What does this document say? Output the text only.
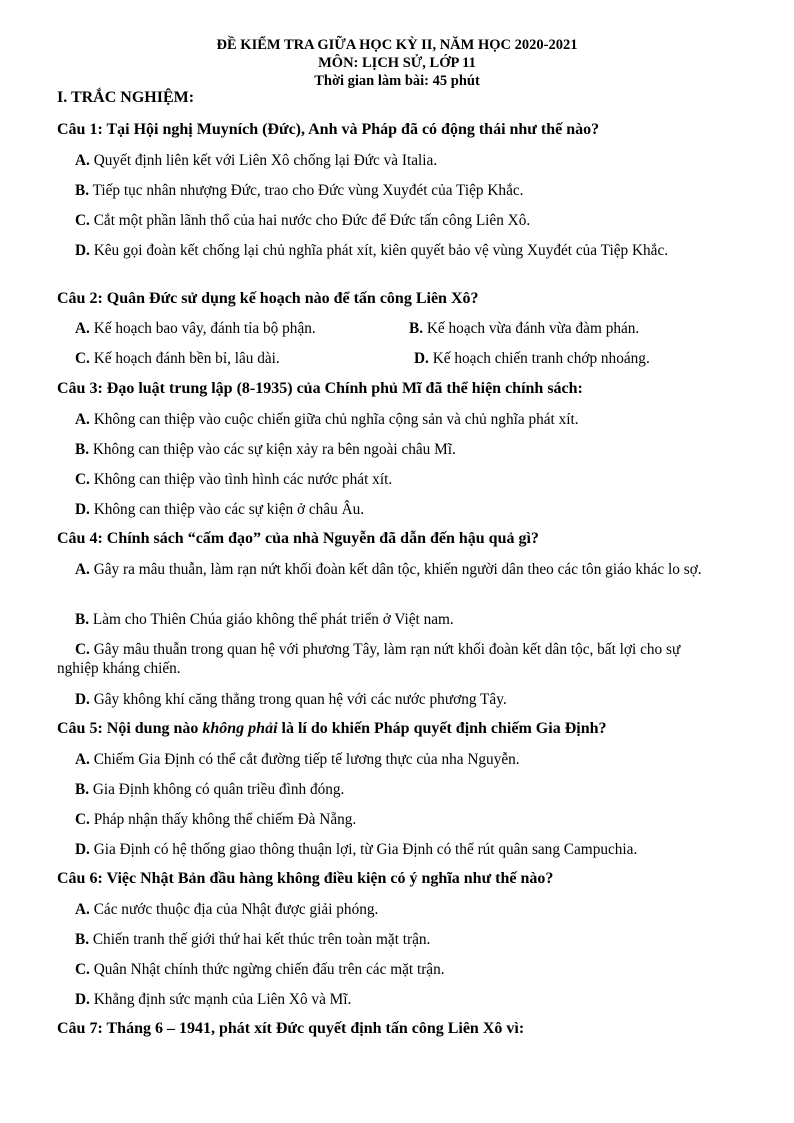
ĐỀ KIỂM TRA GIỮA HỌC KỲ II, NĂM HỌC 2020-2021
MÔN: LỊCH SỬ, LỚP 11
Thời gian làm bài: 45 phút
I. TRẮC NGHIỆM:
Câu 1: Tại Hội nghị Muyních (Đức), Anh và Pháp đã có động thái như thế nào?
A. Quyết định liên kết với Liên Xô chống lại Đức và Italia.
B. Tiếp tục nhân nhượng Đức, trao cho Đức vùng Xuyđét của Tiệp Khắc.
C. Cắt một phần lãnh thổ của hai nước cho Đức để Đức tấn công Liên Xô.
D. Kêu gọi đoàn kết chống lại chủ nghĩa phát xít, kiên quyết bảo vệ vùng Xuyđét của Tiệp Khắc.
Câu 2: Quân Đức sử dụng kế hoạch nào để tấn công Liên Xô?
A. Kế hoạch bao vây, đánh tỉa bộ phận.	B. Kế hoạch vừa đánh vừa đàm phán.
C. Kế hoạch đánh bền bỉ, lâu dài.	D. Kế hoạch chiến tranh chớp nhoáng.
Câu 3: Đạo luật trung lập (8-1935) của Chính phủ Mĩ đã thể hiện chính sách:
A. Không can thiệp vào cuộc chiến giữa chủ nghĩa cộng sản và chủ nghĩa phát xít.
B. Không can thiệp vào các sự kiện xảy ra bên ngoài châu Mĩ.
C. Không can thiệp vào tình hình các nước phát xít.
D. Không can thiệp vào các sự kiện ở châu Âu.
Câu 4: Chính sách “cấm đạo” của nhà Nguyễn đã dẫn đến hậu quả gì?
A. Gây ra mâu thuẫn, làm rạn nứt khối đoàn kết dân tộc, khiến người dân theo các tôn giáo khác lo sợ.
B. Làm cho Thiên Chúa giáo không thể phát triển ở Việt nam.
C. Gây mâu thuẫn trong quan hệ với phương Tây, làm rạn nứt khối đoàn kết dân tộc, bất lợi cho sự nghiệp kháng chiến.
D. Gây không khí căng thẳng trong quan hệ với các nước phương Tây.
Câu 5: Nội dung nào không phải là lí do khiến Pháp quyết định chiếm Gia Định?
A. Chiếm Gia Định có thể cắt đường tiếp tế lương thực của nha Nguyễn.
B. Gia Định không có quân triều đình đóng.
C. Pháp nhận thấy không thể chiếm Đà Nẵng.
D. Gia Định có hệ thống giao thông thuận lợi, từ Gia Định có thể rút quân sang Campuchia.
Câu 6: Việc Nhật Bản đầu hàng không điều kiện có ý nghĩa như thế nào?
A. Các nước thuộc địa của Nhật được giải phóng.
B. Chiến tranh thế giới thứ hai kết thúc trên toàn mặt trận.
C. Quân Nhật chính thức ngừng chiến đấu trên các mặt trận.
D. Khẳng định sức mạnh của Liên Xô và Mĩ.
Câu 7: Tháng 6 – 1941, phát xít Đức quyết định tấn công Liên Xô vì:
